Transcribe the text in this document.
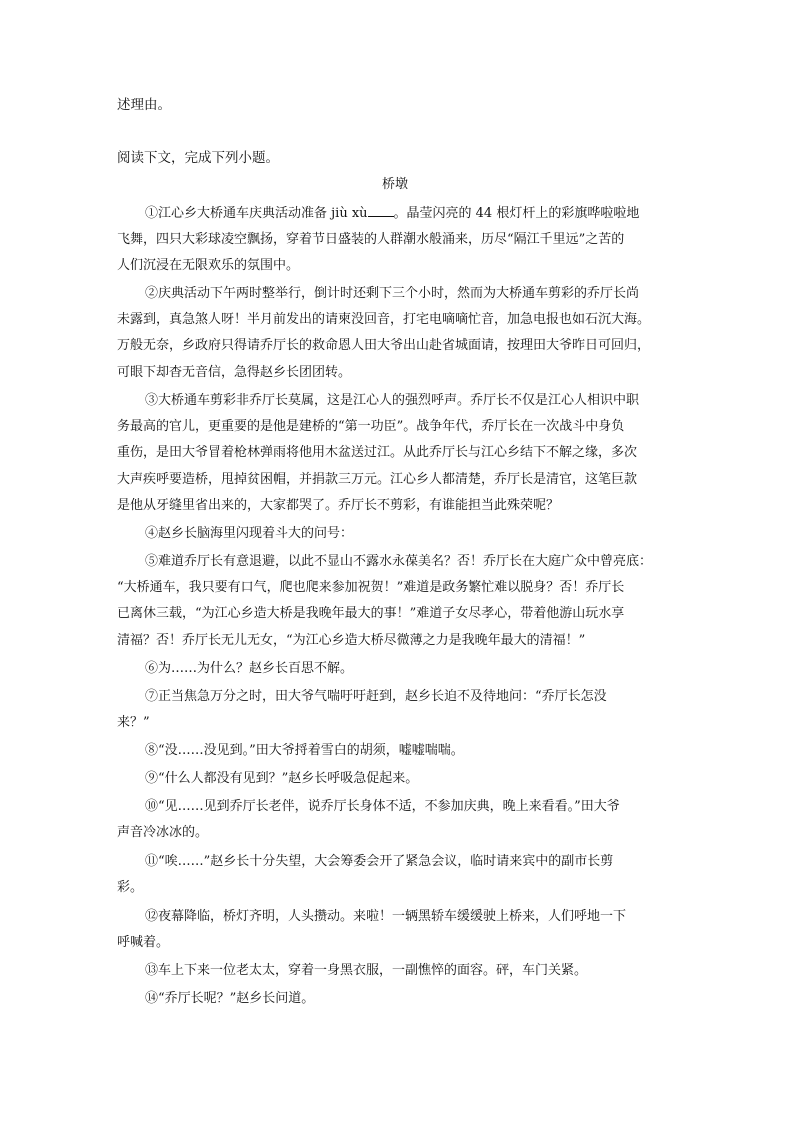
述理由。
阅读下文，完成下列小题。
桥墩
①江心乡大桥通车庆典活动准备 jiù xù 。晶莹闪亮的 44 根灯杆上的彩旗哗啦啦地
飞舞，四只大彩球凌空飘扬，穿着节日盛装的人群潮水般涌来，历尽“隔江千里远”之苦的
人们沉浸在无限欢乐的氛围中。
②庆典活动下午两时整举行，倒计时还剩下三个小时，然而为大桥通车剪彩的乔厅长尚
未露到，真急煞人呀！半月前发出的请柬没回音，打宅电嘀嘀忙音，加急电报也如石沉大海。
万般无奈，乡政府只得请乔厅长的救命恩人田大爷出山赴省城面请，按理田大爷昨日可回归，
可眼下却杳无音信，急得赵乡长团团转。
③大桥通车剪彩非乔厅长莫属，这是江心人的强烈呼声。乔厅长不仅是江心人相识中职
务最高的官儿，更重要的是他是建桥的“第一功臣”。战争年代，乔厅长在一次战斗中身负
重伤，是田大爷冒着枪林弹雨将他用木盆送过江。从此乔厅长与江心乡结下不解之缘，多次
大声疾呼要造桥，甩掉贫困帽，并捐款三万元。江心乡人都清楚，乔厅长是清官，这笔巨款
是他从牙缝里省出来的，大家都哭了。乔厅长不剪彩，有谁能担当此殊荣呢？
④赵乡长脑海里闪现着斗大的问号：
⑤难道乔厅长有意退避，以此不显山不露水永葆美名？否！乔厅长在大庭广众中曾亮底：
“大桥通车，我只要有口气，爬也爬来参加祝贺！”难道是政务繁忙难以脱身？否！乔厅长
已离休三载，“为江心乡造大桥是我晚年最大的事！”难道子女尽孝心，带着他游山玩水享
清福？否！乔厅长无儿无女，“为江心乡造大桥尽微薄之力是我晚年最大的清福！”
⑥为……为什么？赵乡长百思不解。
⑦正当焦急万分之时，田大爷气喘吁吁赶到，赵乡长迫不及待地问：“乔厅长怎没
来？”
⑧“没……没见到。”田大爷捋着雪白的胡须，嘘嘘喘喘。
⑨“什么人都没有见到？”赵乡长呼吸急促起来。
⑩“见……见到乔厅长老伴，说乔厅长身体不适，不参加庆典，晚上来看看。”田大爷
声音冷冰冰的。
⑪“唉……”赵乡长十分失望，大会筹委会开了紧急会议，临时请来宾中的副市长剪
彩。
⑫夜幕降临，桥灯齐明，人头攒动。来啦！一辆黑轿车缓缓驶上桥来，人们呼地一下
呼喊着。
⑬车上下来一位老太太，穿着一身黑衣服，一副憔悴的面容。砰，车门关紧。
⑭“乔厅长呢？”赵乡长问道。
